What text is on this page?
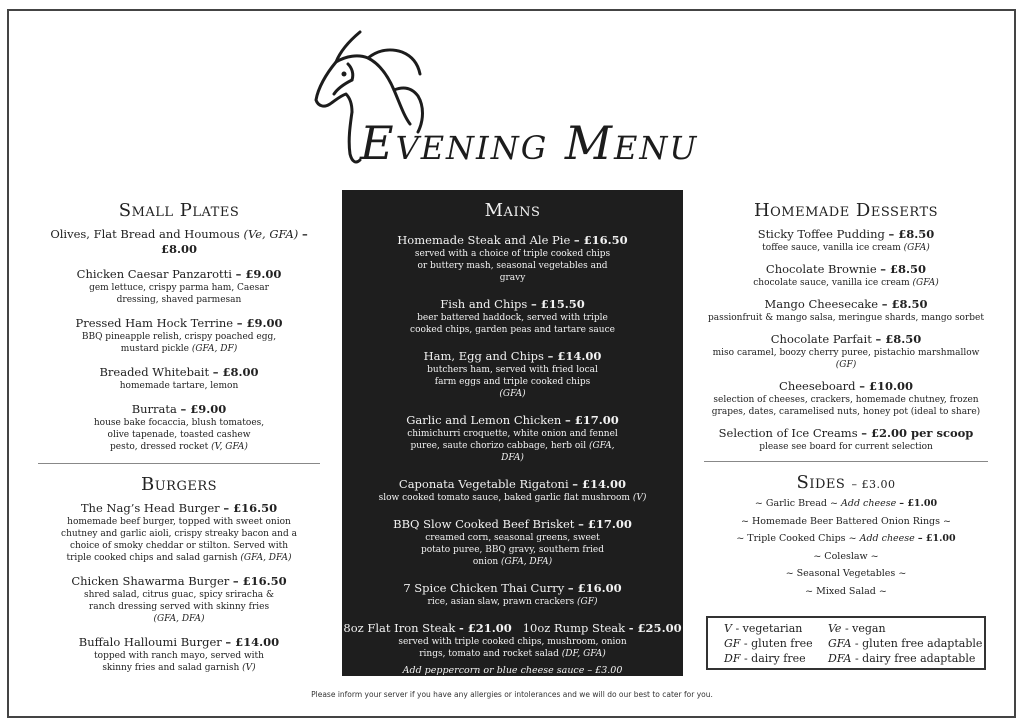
Evening Menu
Small Plates
Olives, Flat Bread and Houmous (Ve, GFA) – £8.00
Chicken Caesar Panzarotti – £9.00
gem lettuce, crispy parma ham, Caesar dressing, shaved parmesan
Pressed Ham Hock Terrine – £9.00
BBQ pineapple relish, crispy poached egg, mustard pickle (GFA, DF)
Breaded Whitebait – £8.00
homemade tartare, lemon
Burrata – £9.00
house bake focaccia, blush tomatoes, olive tapenade, toasted cashew pesto, dressed rocket (V, GFA)
Burgers
The Nag’s Head Burger – £16.50
homemade beef burger, topped with sweet onion chutney and garlic aioli, crispy streaky bacon and a choice of smoky cheddar or stilton. Served with triple cooked chips and salad garnish (GFA, DFA)
Chicken Shawarma Burger – £16.50
shred salad, citrus guac, spicy sriracha & ranch dressing served with skinny fries (GFA, DFA)
Buffalo Halloumi Burger – £14.00
topped with ranch mayo, served with skinny fries and salad garnish (V)
Mains
Homemade Steak and Ale Pie – £16.50
served with a choice of triple cooked chips or buttery mash, seasonal vegetables and gravy
Fish and Chips – £15.50
beer battered haddock, served with triple cooked chips, garden peas and tartare sauce
Ham, Egg and Chips – £14.00
butchers ham, served with fried local farm eggs and triple cooked chips (GFA)
Garlic and Lemon Chicken – £17.00
chimichurri croquette, white onion and fennel puree, saute chorizo cabbage, herb oil (GFA, DFA)
Caponata Vegetable Rigatoni – £14.00
slow cooked tomato sauce, baked garlic flat mushroom (V)
BBQ Slow Cooked Beef Brisket – £17.00
creamed corn, seasonal greens, sweet potato puree, BBQ gravy, southern fried onion (GFA, DFA)
7 Spice Chicken Thai Curry – £16.00
rice, asian slaw, prawn crackers (GF)
8oz Flat Iron Steak - £21.00 10oz Rump Steak - £25.00
served with triple cooked chips, mushroom, onion rings, tomato and rocket salad (DF, GFA)
Add peppercorn or blue cheese sauce – £3.00
Homemade Desserts
Sticky Toffee Pudding – £8.50
toffee sauce, vanilla ice cream (GFA)
Chocolate Brownie – £8.50
chocolate sauce, vanilla ice cream (GFA)
Mango Cheesecake – £8.50
passionfruit & mango salsa, meringue shards, mango sorbet
Chocolate Parfait – £8.50
miso caramel, boozy cherry puree, pistachio marshmallow (GF)
Cheeseboard – £10.00
selection of cheeses, crackers, homemade chutney, frozen grapes, dates, caramelised nuts, honey pot (ideal to share)
Selection of Ice Creams – £2.00 per scoop
please see board for current selection
Sides – £3.00
~ Garlic Bread ~ Add cheese – £1.00
~ Homemade Beer Battered Onion Rings ~
~ Triple Cooked Chips ~ Add cheese – £1.00
~ Coleslaw ~
~ Seasonal Vegetables ~
~ Mixed Salad ~
V - vegetarian	Ve - vegan
GF - gluten free	GFA - gluten free adaptable
DF - dairy free	DFA - dairy free adaptable
Please inform your server if you have any allergies or intolerances and we will do our best to cater for you.
